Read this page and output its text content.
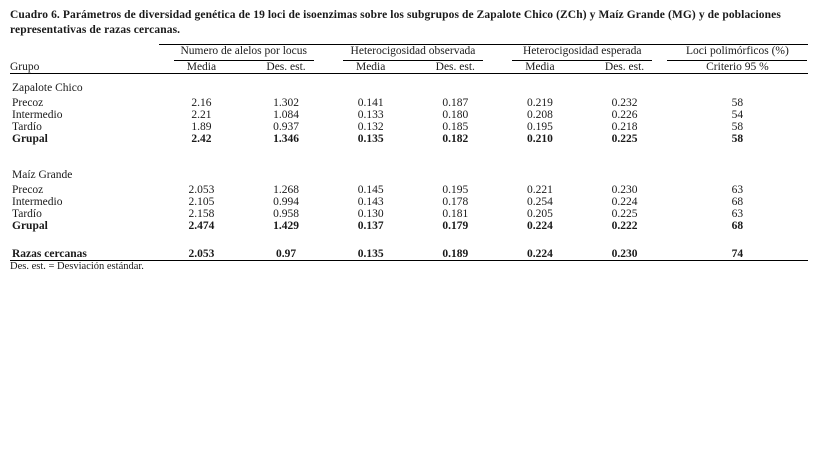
Cuadro 6. Parámetros de diversidad genética de 19 loci de isoenzimas sobre los subgrupos de Zapalote Chico (ZCh) y Maíz Grande (MG) y de poblaciones representativas de razas cercanas.

	Numero de alelos por locus		Heterocigosidad observada		Heterocigosidad esperada		Loci polimórficos (%)
Grupo	Media	Des. est.	Media	Des. est.	Media	Des. est.	Criterio 95 %
Zapalote Chico							
Precoz	2.16	1.302	0.141	0.187	0.219	0.232	58
Intermedio	2.21	1.084	0.133	0.180	0.208	0.226	54
Tardío	1.89	0.937	0.132	0.185	0.195	0.218	58
Grupal	2.42	1.346	0.135	0.182	0.210	0.225	58

Maíz Grande							
Precoz	2.053	1.268	0.145	0.195	0.221	0.230	63
Intermedio	2.105	0.994	0.143	0.178	0.254	0.224	68
Tardío	2.158	0.958	0.130	0.181	0.205	0.225	63
Grupal	2.474	1.429	0.137	0.179	0.224	0.222	68

Razas cercanas	2.053	0.97	0.135	0.189	0.224	0.230	74
Des. est. = Desviación estándar.							
